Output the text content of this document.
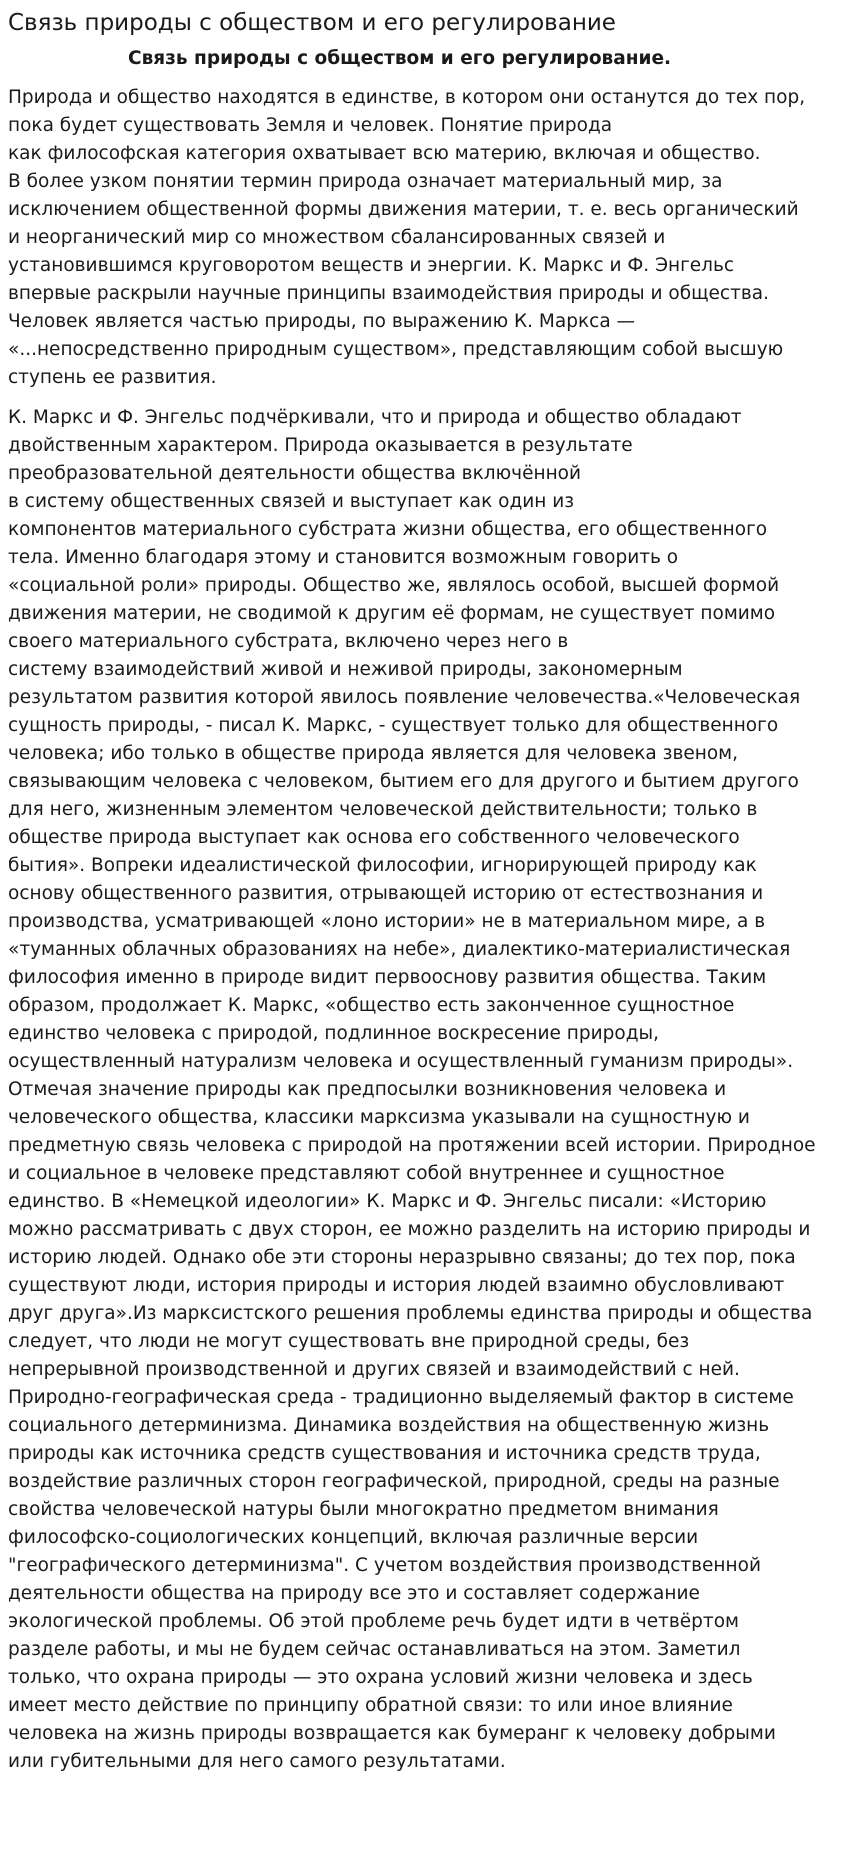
Связь природы с обществом и его регулирование
Связь природы с обществом и его регулирование.

Природа и общество находятся в единстве, в котором они останутся до тех пор,
пока будет существовать Земля и человек. Понятие природа
как философская категория охватывает всю материю, включая и общество.
В более узком понятии термин природа означает материальный мир, за
исключением общественной формы движения материи, т. е. весь органический
и неорганический мир со множеством сбалансированных связей и
установившимся круговоротом веществ и энергии. К. Маркс и Ф. Энгельс
впервые раскрыли научные принципы взаимодействия природы и общества.
Человек является частью природы, по выражению К. Маркса —
«...непосредственно природным существом», представляющим собой высшую
ступень ее развития.

К. Маркс и Ф. Энгельс подчёркивали, что и природа и общество обладают
двойственным характером. Природа оказывается в результате
преобразовательной деятельности общества включённой
в систему общественных связей и выступает как один из
компонентов материального субстрата жизни общества, его общественного
тела. Именно благодаря этому и становится возможным говорить о
«социальной роли» природы. Общество же, являлось особой, высшей формой
движения материи, не сводимой к другим её формам, не существует помимо
своего материального субстрата, включено через него в
систему взаимодействий живой и неживой природы, закономерным
результатом развития которой явилось появление человечества.«Человеческая
сущность природы, - писал К. Маркс, - существует только для общественного
человека; ибо только в обществе природа является для человека звеном,
связывающим человека с человеком, бытием его для другого и бытием другого
для него, жизненным элементом человеческой действительности; только в
обществе природа выступает как основа его собственного человеческого
бытия». Вопреки идеалистической философии, игнорирующей природу как
основу общественного развития, отрывающей историю от естествознания и
производства, усматривающей «лоно истории» не в материальном мире, а в
«туманных облачных образованиях на небе», диалектико-материалистическая
философия именно в природе видит первооснову развития общества. Таким
образом, продолжает К. Маркс, «общество есть законченное сущностное
единство человека с природой, подлинное воскресение природы,
осуществленный натурализм человека и осуществленный гуманизм природы».
Отмечая значение природы как предпосылки возникновения человека и
человеческого общества, классики марксизма указывали на сущностную и
предметную связь человека с природой на протяжении всей истории. Природное
и социальное в человеке представляют собой внутреннее и сущностное
единство. В «Немецкой идеологии» К. Маркс и Ф. Энгельс писали: «Историю
можно рассматривать с двух сторон, ее можно разделить на историю природы и
историю людей. Однако обе эти стороны неразрывно связаны; до тех пор, пока
существуют люди, история природы и история людей взаимно обусловливают
друг друга».Из марксистского решения проблемы единства природы и общества
следует, что люди не могут существовать вне природной среды, без
непрерывной производственной и других связей и взаимодействий с ней.
Природно-географическая среда - традиционно выделяемый фактор в системе
социального детерминизма. Динамика воздействия на общественную жизнь
природы как источника средств существования и источника средств труда,
воздействие различных сторон географической, природной, среды на разные
свойства человеческой натуры были многократно предметом внимания
философско-социологических концепций, включая различные версии
"географического детерминизма". С учетом воздействия производственной
деятельности общества на природу все это и составляет содержание
экологической проблемы. Об этой проблеме речь будет идти в четвёртом
разделе работы, и мы не будем сейчас останавливаться на этом. Заметил
только, что охрана природы — это охрана условий жизни человека и здесь
имеет место действие по принципу обратной связи: то или иное влияние
человека на жизнь природы возвращается как бумеранг к человеку добрыми
или губительными для него самого результатами.
